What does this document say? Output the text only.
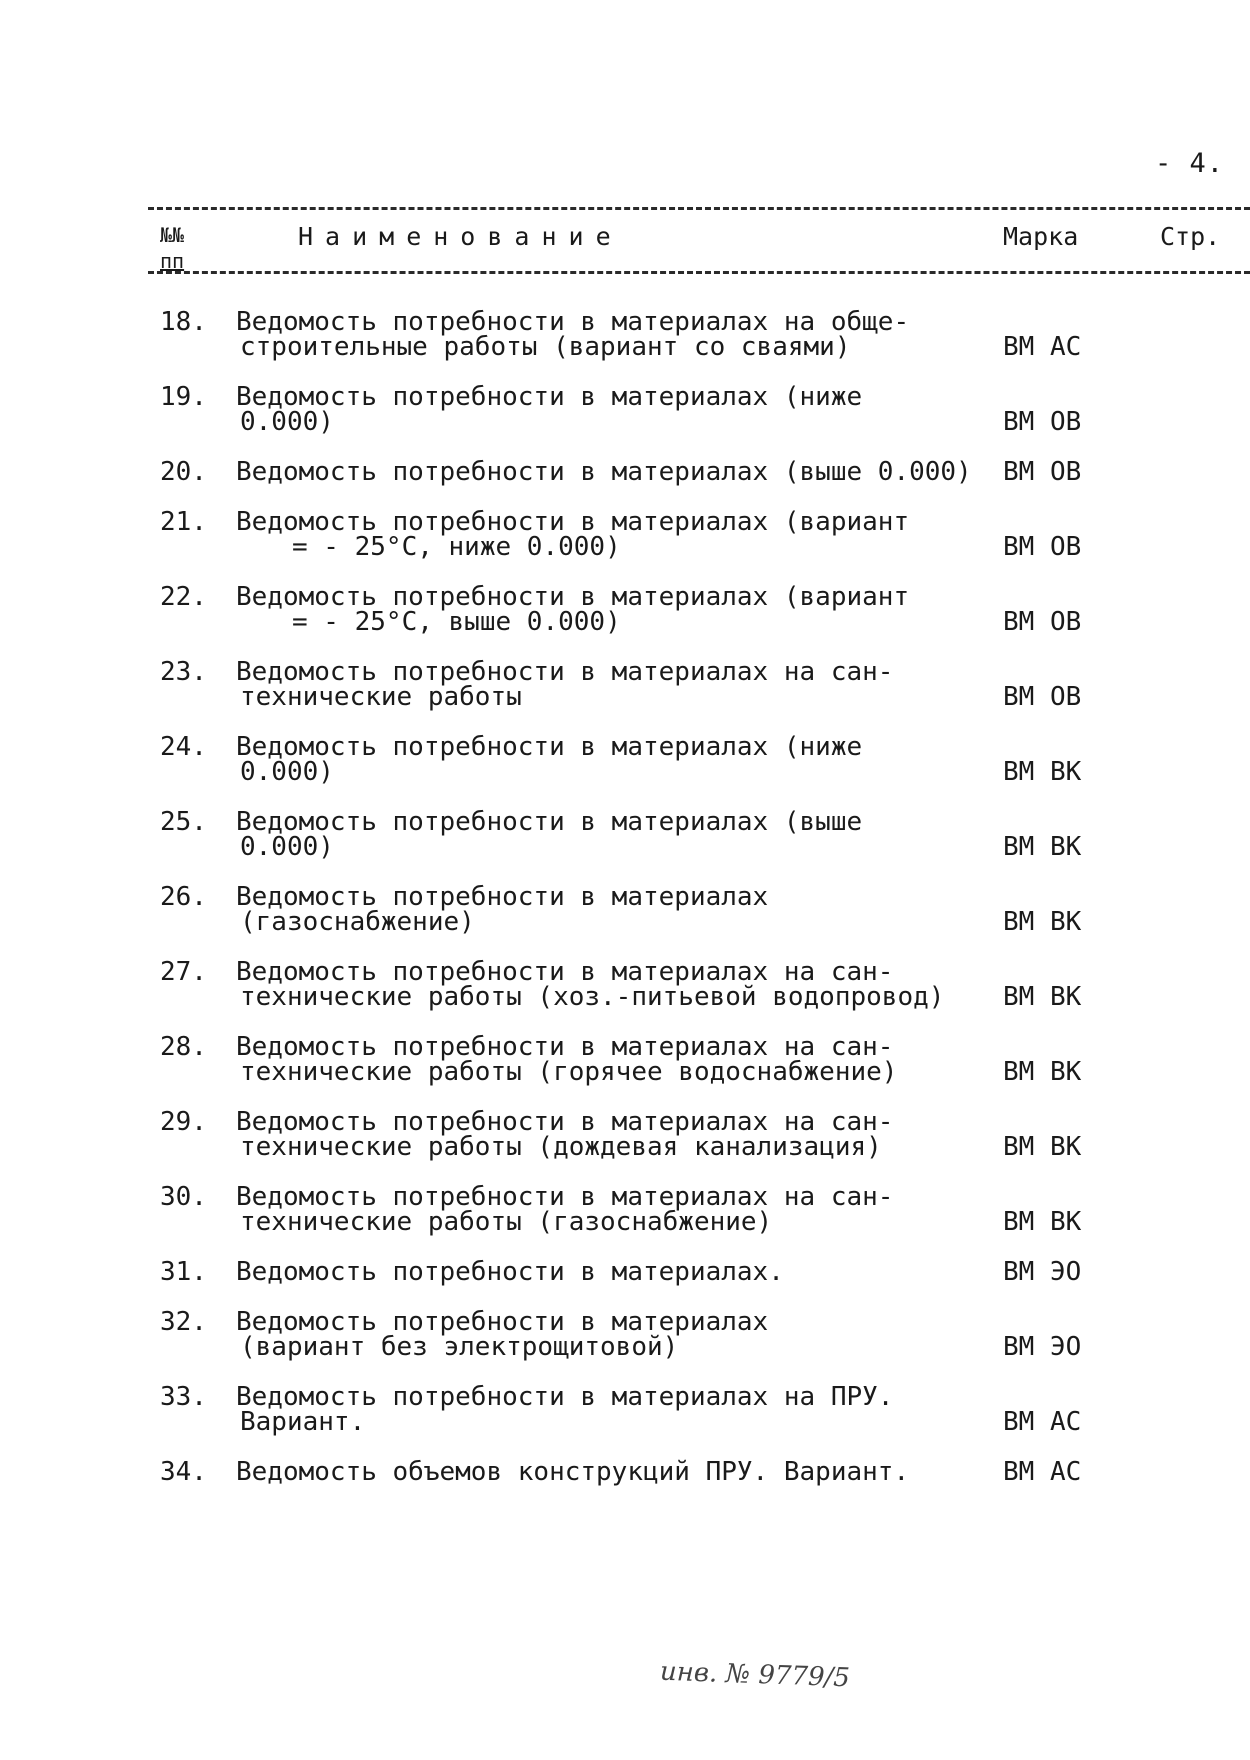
- 4.
№№
пп
Наименование	Марка	Стр.
18. Ведомость потребности в материалах на обще-
строительные работы (вариант со сваями)	ВМ АС
19. Ведомость потребности в материалах (ниже
0.000)	ВМ ОВ
20. Ведомость потребности в материалах (выше 0.000)	ВМ ОВ
21. Ведомость потребности в материалах (вариант
= - 25°С, ниже 0.000)	ВМ ОВ
22. Ведомость потребности в материалах (вариант
= - 25°С, выше 0.000)	ВМ ОВ
23. Ведомость потребности в материалах на сан-
технические работы	ВМ ОВ
24. Ведомость потребности в материалах (ниже
0.000)	ВМ ВК
25. Ведомость потребности в материалах (выше
0.000)	ВМ ВК
26. Ведомость потребности в материалах
(газоснабжение)	ВМ ВК
27. Ведомость потребности в материалах на сан-
технические работы (хоз.-питьевой водопровод)	ВМ ВК
28. Ведомость потребности в материалах на сан-
технические работы (горячее водоснабжение)	ВМ ВК
29. Ведомость потребности в материалах на сан-
технические работы (дождевая канализация)	ВМ ВК
30. Ведомость потребности в материалах на сан-
технические работы (газоснабжение)	ВМ ВК
31. Ведомость потребности в материалах.	ВМ ЭО
32. Ведомость потребности в материалах
(вариант без электрощитовой)	ВМ ЭО
33. Ведомость потребности в материалах на ПРУ.
Вариант.	ВМ АС
34. Ведомость объемов конструкций ПРУ. Вариант.	ВМ АС
инв. № 9779/5
